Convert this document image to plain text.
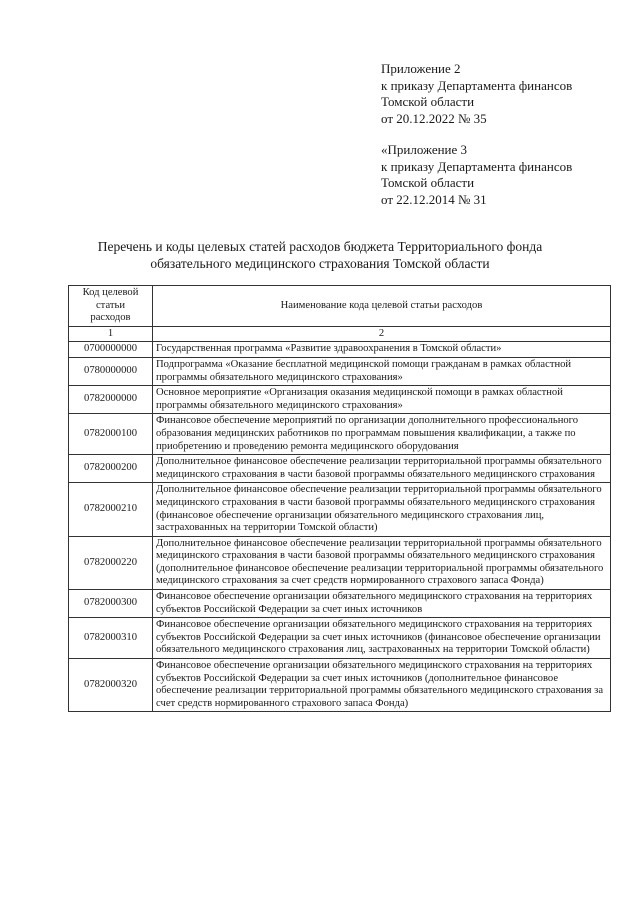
Приложение 2
к приказу Департамента финансов
Томской области
от 20.12.2022 № 35
«Приложение 3
к приказу Департамента финансов
Томской области
от 22.12.2014 № 31
Перечень и коды целевых статей расходов бюджета Территориального фонда
обязательного медицинского страхования Томской области
Код целевой
статьи
расходов	Наименование кода целевой статьи расходов
1	2
0700000000	Государственная программа «Развитие здравоохранения в Томской области»
0780000000	Подпрограмма «Оказание бесплатной медицинской помощи гражданам в рамках областной программы обязательного медицинского страхования»
0782000000	Основное мероприятие «Организация оказания медицинской помощи в рамках областной программы обязательного медицинского страхования»
0782000100	Финансовое обеспечение мероприятий по организации дополнительного профессионального образования медицинских работников по программам повышения квалификации, а также по приобретению и проведению ремонта медицинского оборудования
0782000200	Дополнительное финансовое обеспечение реализации территориальной программы обязательного медицинского страхования в части базовой программы обязательного медицинского страхования
0782000210	Дополнительное финансовое обеспечение реализации территориальной программы обязательного медицинского страхования в части базовой программы обязательного медицинского страхования (финансовое обеспечение организации обязательного медицинского страхования лиц, застрахованных на территории Томской области)
0782000220	Дополнительное финансовое обеспечение реализации территориальной программы обязательного медицинского страхования в части базовой программы обязательного медицинского страхования (дополнительное финансовое обеспечение реализации территориальной программы обязательного медицинского страхования за счет средств нормированного страхового запаса Фонда)
0782000300	Финансовое обеспечение организации обязательного медицинского страхования на территориях субъектов Российской Федерации за счет иных источников
0782000310	Финансовое обеспечение организации обязательного медицинского страхования на территориях субъектов Российской Федерации за счет иных источников (финансовое обеспечение организации обязательного медицинского страхования лиц, застрахованных на территории Томской области)
0782000320	Финансовое обеспечение организации обязательного медицинского страхования на территориях субъектов Российской Федерации за счет иных источников (дополнительное финансовое обеспечение реализации территориальной программы обязательного медицинского страхования за счет средств нормированного страхового запаса Фонда)
